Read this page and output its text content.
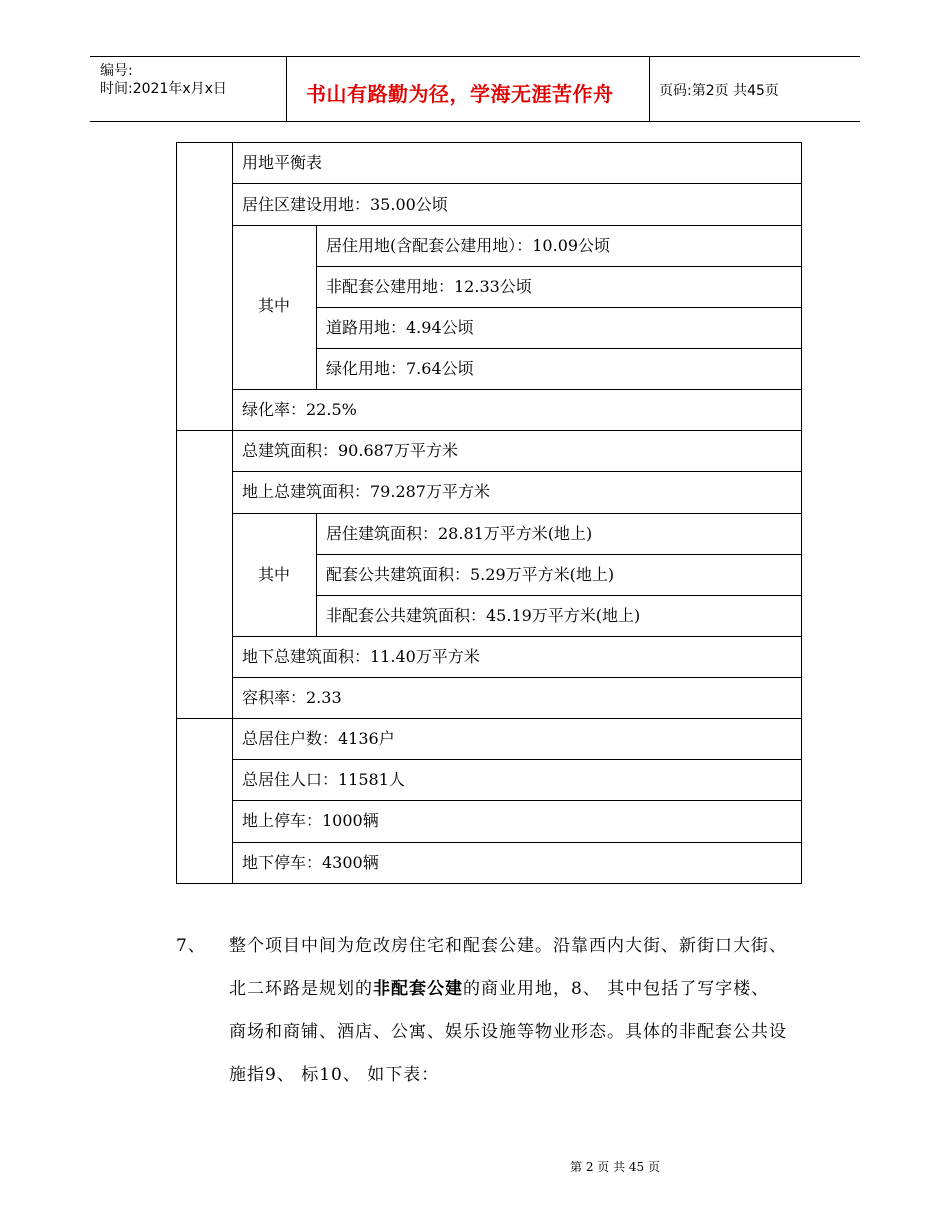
编号:
时间:2021年x月x日	书山有路勤为径，学海无涯苦作舟	页码:第2页 共45页
用地平衡表
居住区建设用地：35.00公顷
其中
居住用地(含配套公建用地）：10.09公顷
非配套公建用地：12.33公顷
道路用地：4.94公顷
绿化用地：7.64公顷
绿化率：22.5%
总建筑面积：90.687万平方米
地上总建筑面积：79.287万平方米
其中
居住建筑面积：28.81万平方米(地上)
配套公共建筑面积：5.29万平方米(地上)
非配套公共建筑面积：45.19万平方米(地上)
地下总建筑面积：11.40万平方米
容积率：2.33
总居住户数：4136户
总居住人口：11581人
地上停车：1000辆
地下停车：4300辆
7、 整个项目中间为危改房住宅和配套公建。沿靠西内大街、新街口大街、
北二环路是规划的非配套公建的商业用地，8、 其中包括了写字楼、
商场和商铺、酒店、公寓、娱乐设施等物业形态。具体的非配套公共设
施指9、 标10、 如下表：
第 2 页 共 45 页
